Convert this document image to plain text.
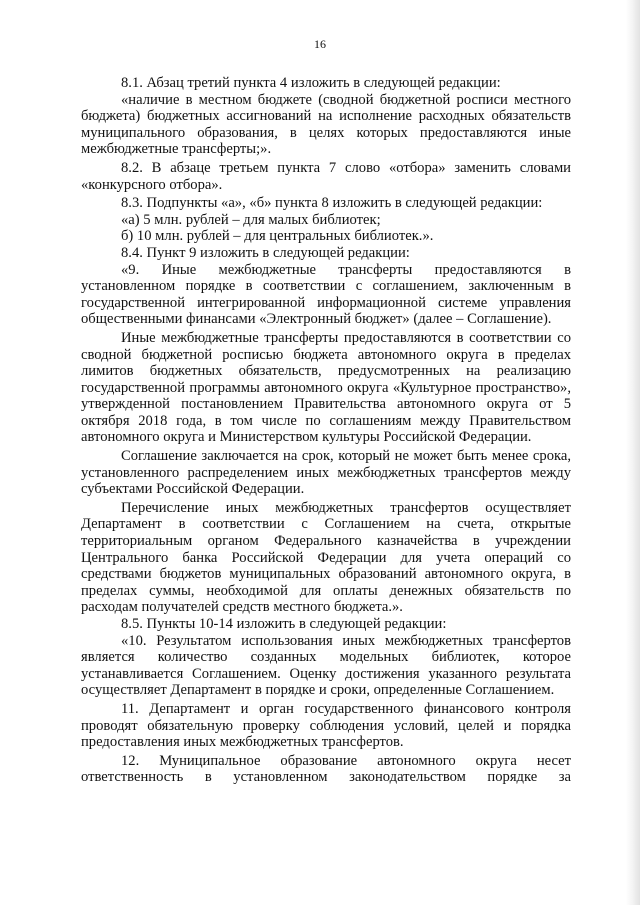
16

8.1. Абзац третий пункта 4 изложить в следующей редакции:

«наличие в местном бюджете (сводной бюджетной росписи местного бюджета) бюджетных ассигнований на исполнение расходных обязательств муниципального образования, в целях которых предоставляются иные межбюджетные трансферты;».

8.2. В абзаце третьем пункта 7 слово «отбора» заменить словами «конкурсного отбора».

8.3. Подпункты «а», «б» пункта 8 изложить в следующей редакции:

«а) 5 млн. рублей – для малых библиотек;

б) 10 млн. рублей – для центральных библиотек.».

8.4. Пункт 9 изложить в следующей редакции:

«9. Иные межбюджетные трансферты предоставляются в установленном порядке в соответствии с соглашением, заключенным в государственной интегрированной информационной системе управления общественными финансами «Электронный бюджет» (далее – Соглашение).

Иные межбюджетные трансферты предоставляются в соответствии со сводной бюджетной росписью бюджета автономного округа в пределах лимитов бюджетных обязательств, предусмотренных на реализацию государственной программы автономного округа «Культурное пространство», утвержденной постановлением Правительства автономного округа от 5 октября 2018 года, в том числе по соглашениям между Правительством автономного округа и Министерством культуры Российской Федерации.

Соглашение заключается на срок, который не может быть менее срока, установленного распределением иных межбюджетных трансфертов между субъектами Российской Федерации.

Перечисление иных межбюджетных трансфертов осуществляет Департамент в соответствии с Соглашением на счета, открытые территориальным органом Федерального казначейства в учреждении Центрального банка Российской Федерации для учета операций со средствами бюджетов муниципальных образований автономного округа, в пределах суммы, необходимой для оплаты денежных обязательств по расходам получателей средств местного бюджета.».

8.5. Пункты 10-14 изложить в следующей редакции:

«10. Результатом использования иных межбюджетных трансфертов является количество созданных модельных библиотек, которое устанавливается Соглашением. Оценку достижения указанного результата осуществляет Департамент в порядке и сроки, определенные Соглашением.

11. Департамент и орган государственного финансового контроля проводят обязательную проверку соблюдения условий, целей и порядка предоставления иных межбюджетных трансфертов.

12. Муниципальное образование автономного округа несет ответственность в установленном законодательством порядке за
